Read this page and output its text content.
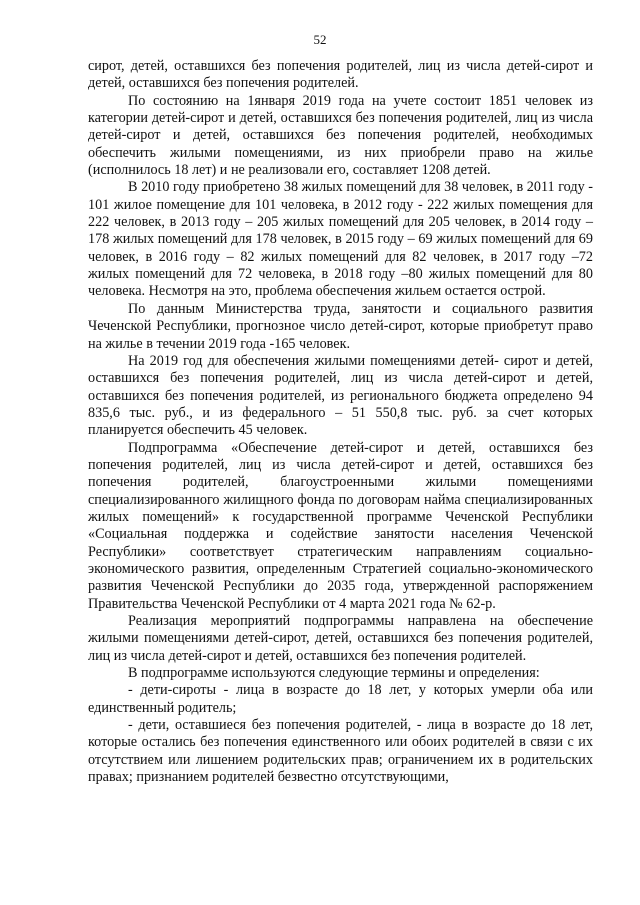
52

сирот, детей, оставшихся без попечения родителей, лиц из числа детей-сирот и детей, оставшихся без попечения родителей.

По состоянию на 1января 2019 года на учете состоит 1851 человек из категории детей-сирот и детей, оставшихся без попечения родителей, лиц из числа детей-сирот и детей, оставшихся без попечения родителей, необходимых обеспечить жилыми помещениями, из них приобрели право на жилье (исполнилось 18 лет) и не реализовали его, составляет 1208 детей.

В 2010 году приобретено 38 жилых помещений для 38 человек, в 2011 году - 101 жилое помещение для 101 человека, в 2012 году - 222 жилых помещения для 222 человек, в 2013 году – 205 жилых помещений для 205 человек, в 2014 году –178 жилых помещений для 178 человек, в 2015 году – 69 жилых помещений для 69 человек, в 2016 году – 82 жилых помещений для 82 человек, в 2017 году –72 жилых помещений для 72 человека, в 2018 году –80 жилых помещений для 80 человека. Несмотря на это, проблема обеспечения жильем остается острой.

По данным Министерства труда, занятости и социального развития Чеченской Республики, прогнозное число детей-сирот, которые приобретут право на жилье в течении 2019 года -165 человек.

На 2019 год для обеспечения жилыми помещениями детей- сирот и детей, оставшихся без попечения родителей, лиц из числа детей-сирот и детей, оставшихся без попечения родителей, из регионального бюджета определено 94 835,6 тыс. руб., и из федерального – 51 550,8 тыс. руб. за счет которых планируется обеспечить 45 человек.

Подпрограмма «Обеспечение детей-сирот и детей, оставшихся без попечения родителей, лиц из числа детей-сирот и детей, оставшихся без попечения родителей, благоустроенными жилыми помещениями специализированного жилищного фонда по договорам найма специализированных жилых помещений» к государственной программе Чеченской Республики «Социальная поддержка и содействие занятости населения Чеченской Республики» соответствует стратегическим направлениям социально-экономического развития, определенным Стратегией социально-экономического развития Чеченской Республики до 2035 года, утвержденной распоряжением Правительства Чеченской Республики от 4 марта 2021 года № 62-р.

Реализация мероприятий подпрограммы направлена на обеспечение жилыми помещениями детей-сирот, детей, оставшихся без попечения родителей, лиц из числа детей-сирот и детей, оставшихся без попечения родителей.

В подпрограмме используются следующие термины и определения:

- дети-сироты - лица в возрасте до 18 лет, у которых умерли оба или единственный родитель;

- дети, оставшиеся без попечения родителей, - лица в возрасте до 18 лет, которые остались без попечения единственного или обоих родителей в связи с их отсутствием или лишением родительских прав; ограничением их в родительских правах; признанием родителей безвестно отсутствующими,
